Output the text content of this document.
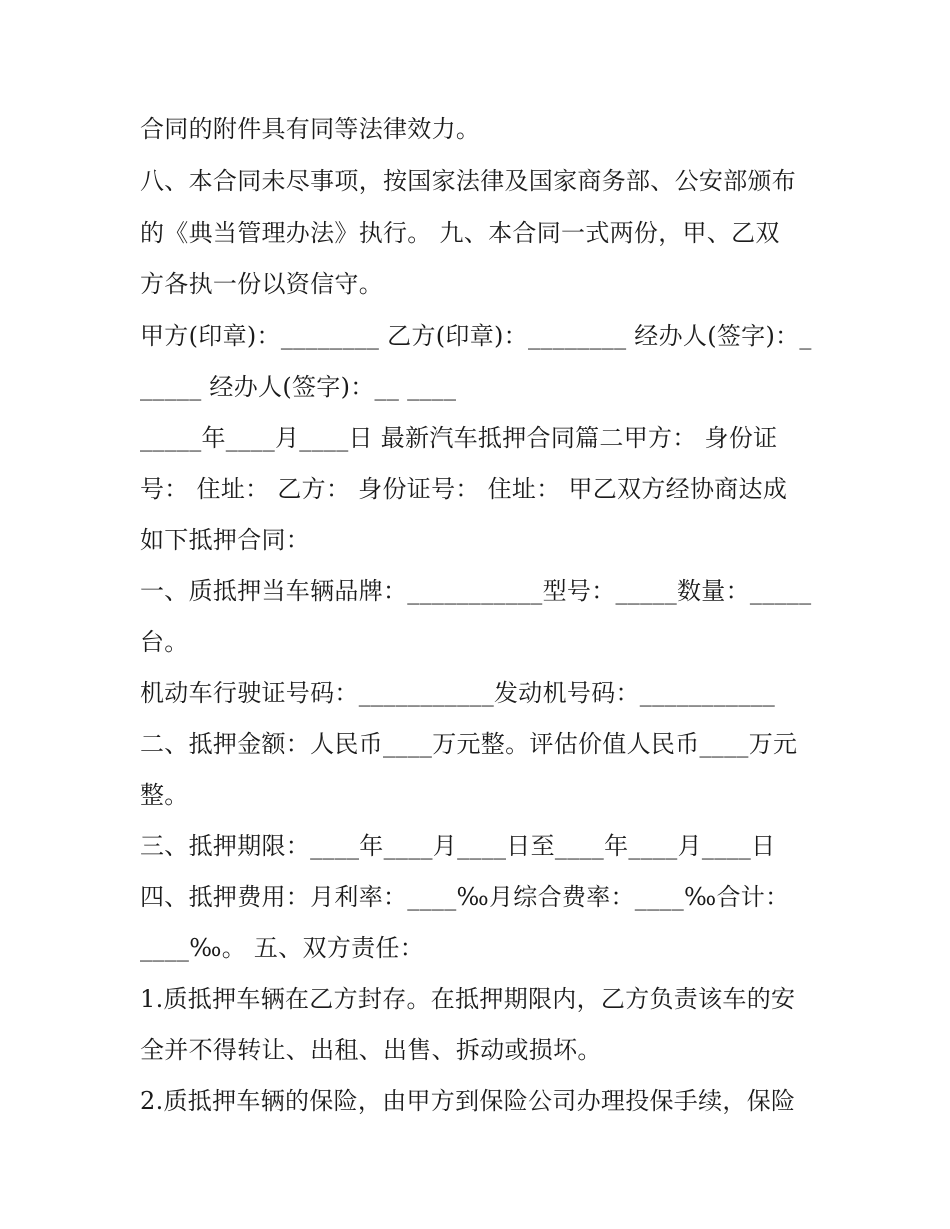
合同的附件具有同等法律效力。
八、本合同未尽事项，按国家法律及国家商务部、公安部颁布
的《典当管理办法》执行。 九、本合同一式两份，甲、乙双
方各执一份以资信守。
甲方(印章)：________ 乙方(印章)：________ 经办人(签字)：_
_____ 经办人(签字)：__ ____
_____年____月____日 最新汽车抵押合同篇二甲方： 身份证
号： 住址： 乙方： 身份证号： 住址： 甲乙双方经协商达成
如下抵押合同：
一、质抵押当车辆品牌：___________型号：_____数量：_____
台。
机动车行驶证号码：___________发动机号码：___________
二、抵押金额：人民币____万元整。评估价值人民币____万元
整。
三、抵押期限：____年____月____日至____年____月____日
四、抵押费用：月利率：____‰月综合费率：____‰合计：
____‰。 五、双方责任：
1.质抵押车辆在乙方封存。在抵押期限内，乙方负责该车的安
全并不得转让、出租、出售、拆动或损坏。
2.质抵押车辆的保险，由甲方到保险公司办理投保手续，保险
